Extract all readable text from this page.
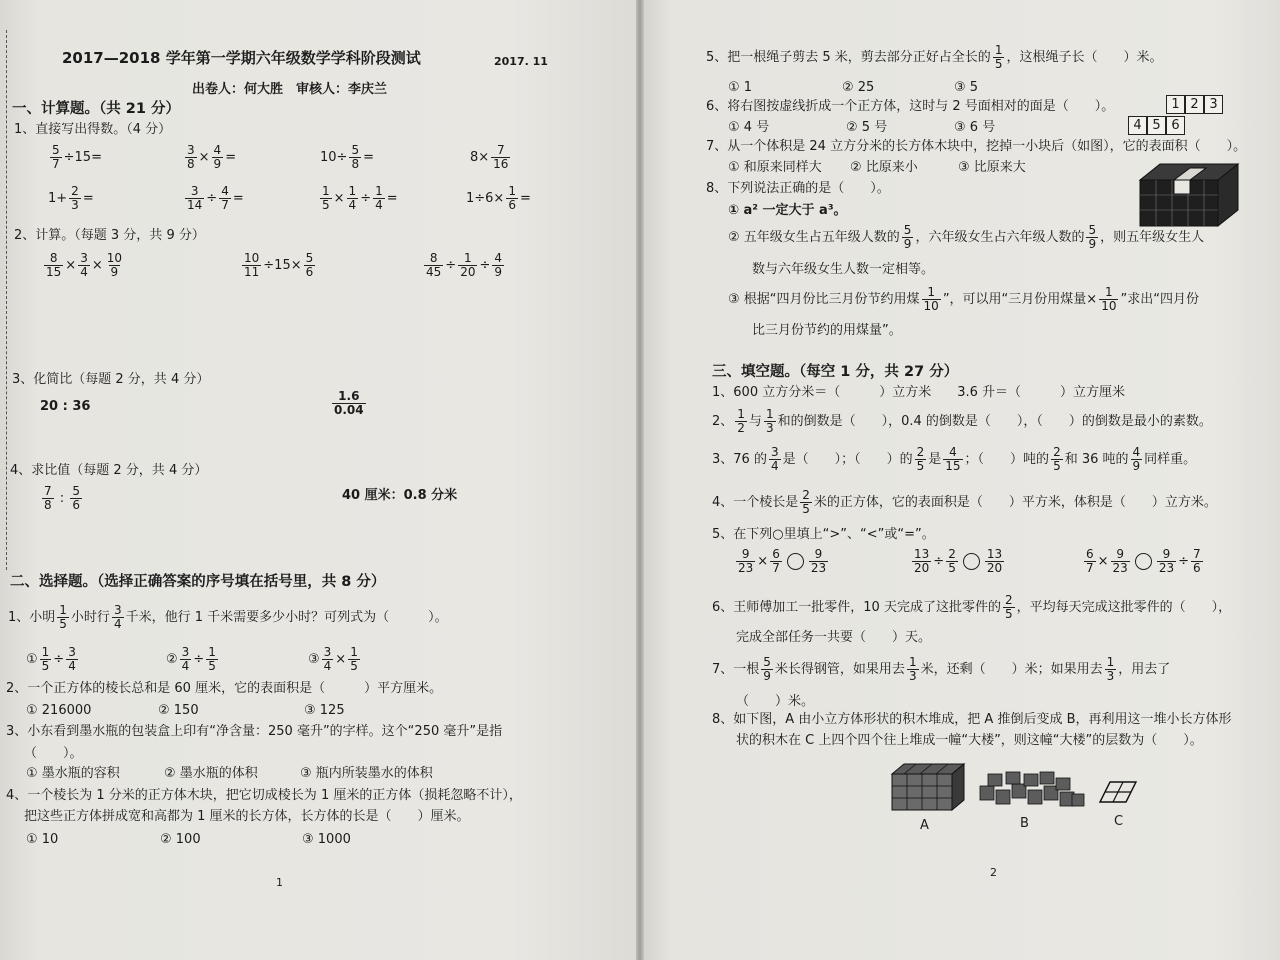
2017—2018 学年第一学期六年级数学学科阶段测试	2017. 11
出卷人：何大胜　审核人：李庆兰
一、计算题。（共 21 分）
1、直接写出得数。（4 分）
$\frac{5}{7} \div 15=$	$\frac{3}{8} \times \frac{4}{9}$ =	$10\div \frac{5}{8}$ =	$8\times \frac{7}{16}$
$1+ \frac{2}{3}$ =	$\frac{3}{14} \div \frac{4}{7}$ =	$\frac{1}{5} \times \frac{1}{4} \div \frac{1}{4}$ =	$1\div 6\times \frac{1}{6}$ =
2、计算。（每题 3 分，共 9 分）
$\frac{8}{15} \times \frac{3}{4} \times \frac{10}{9}$	$\frac{10}{11} \div 15\times \frac{5}{6}$	$\frac{8}{45} \div \frac{1}{20} \div \frac{4}{9}$
3、化简比（每题 2 分，共 4 分）
20 : 36	$\frac{1.6}{0.04}$
4、求比值（每题 2 分，共 4 分）
$\frac{7}{8}$ : $\frac{5}{6}$	40 厘米：0.8 分米
二、选择题。（选择正确答案的序号填在括号里，共 8 分）
1、小明 $\frac{1}{5}$ 小时行 $\frac{3}{4}$ 千米，他行 1 千米需要多少小时？可列式为（　　　）。
① $\frac{1}{5} \div \frac{3}{4}$	② $\frac{3}{4} \div \frac{1}{5}$	③ $\frac{3}{4} \times \frac{1}{5}$
2、一个正方体的棱长总和是 60 厘米，它的表面积是（　　　）平方厘米。
① 216000	② 150	③ 125
3、小东看到墨水瓶的包装盒上印有“净含量：250 毫升”的字样。这个“250 毫升”是指
（　　）。
① 墨水瓶的容积	② 墨水瓶的体积	③ 瓶内所装墨水的体积
4、一个棱长为 1 分米的正方体木块，把它切成棱长为 1 厘米的正方体（损耗忽略不计），
把这些正方体拼成宽和高都为 1 厘米的长方体，长方体的长是（　　）厘米。
① 10	② 100	③ 1000
1
5、把一根绳子剪去 5 米，剪去部分正好占全长的 $\frac{1}{5}$ ，这根绳子长（　　）米。
① 1	② 25	③ 5
6、将右图按虚线折成一个正方体，这时与 2 号面相对的面是（　　）。
① 4 号	② 5 号	③ 6 号
1 2 3
4 5 6
7、从一个体积是 24 立方分米的长方体木块中，挖掉一小块后（如图），它的表面积（　　）。
① 和原来同样大 ② 比原来小	③ 比原来大
8、下列说法正确的是（　　）。
① a² 一定大于 a³。
② 五年级女生占五年级人数的 $\frac{5}{9}$ ，六年级女生占六年级人数的 $\frac{5}{9}$ ，则五年级女生人
数与六年级女生人数一定相等。
③ 根据“四月份比三月份节约用煤 $\frac{1}{10}$ ”，可以用“三月份用煤量× $\frac{1}{10}$ ”求出“四月份
比三月份节约的用煤量”。
三、填空题。（每空 1 分，共 27 分）
1、600 立方分米＝（　　　）立方米　　3.6 升＝（　　　）立方厘米
2、 $\frac{1}{2}$ 与 $\frac{1}{3}$ 和的倒数是（　　），0.4 的倒数是（　　），（　　）的倒数是最小的素数。
3、76 的 $\frac{3}{4}$ 是（　　）；（　　）的 $\frac{2}{5}$ 是 $\frac{4}{15}$ ；（　　）吨的 $\frac{2}{5}$ 和 36 吨的 $\frac{4}{9}$ 同样重。
4、一个棱长是 $\frac{2}{5}$ 米的正方体，它的表面积是（　　）平方米，体积是（　　）立方米。
5、在下列○里填上“>”、“<”或“=”。
$\frac{9}{23} \times \frac{6}{7} \frac{9}{23}$	$\frac{13}{20} \div \frac{2}{5} \frac{13}{20}$	$\frac{6}{7} \times \frac{9}{23} \frac{9}{23} \div \frac{7}{6}$
6、王师傅加工一批零件，10 天完成了这批零件的 $\frac{2}{5}$ ，平均每天完成这批零件的（　　），
完成全部任务一共要（　　）天。
7、一根 $\frac{5}{9}$ 米长得钢管，如果用去 $\frac{1}{3}$ 米，还剩（　　）米；如果用去 $\frac{1}{3}$ ，用去了
（　　）米。
8、如下图，A 由小立方体形状的积木堆成，把 A 推倒后变成 B，再利用这一堆小长方体形
状的积木在 C 上四个四个往上堆成一幢“大楼”，则这幢“大楼”的层数为（　　）。
A	B	C
2
